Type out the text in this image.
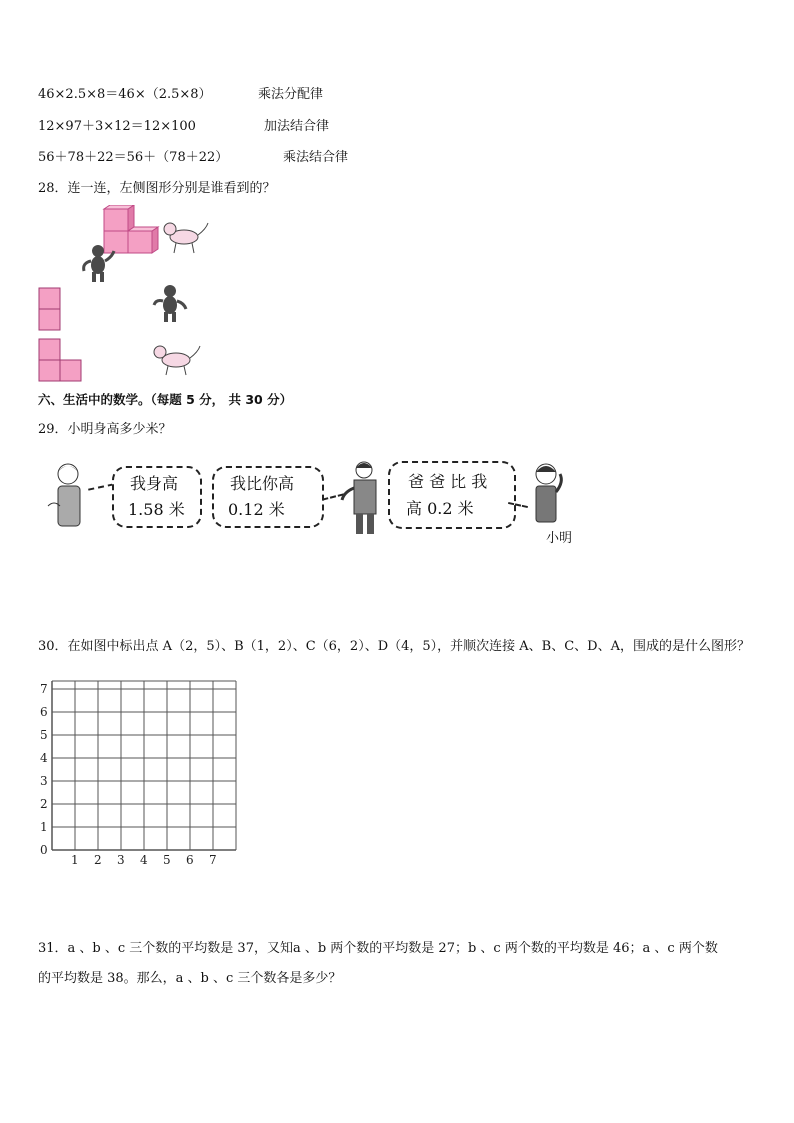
46×2.5×8＝46×（2.5×8）	乘法分配律
12×97＋3×12＝12×100	加法结合律
56＋78＋22＝56＋（78＋22）	乘法结合律
28．连一连，左侧图形分别是谁看到的？
六、生活中的数学。（每题 5 分， 共 30 分）
29．小明身高多少米？
我身高
1.58 米
我比你高
0.12 米
爸 爸 比 我
高 0.2 米
小明
30．在如图中标出点 A（2，5）、B（1，2）、C（6，2）、D（4，5），并顺次连接 A、B、C、D、A，围成的是什么图形？
0
1 2 3 4 5 6 7
1
2
3
4
5
6
7
31．a 、b 、c 三个数的平均数是 37，又知a 、b 两个数的平均数是 27；b 、c 两个数的平均数是 46；a 、c 两个数
的平均数是 38。那么，a 、b 、c 三个数各是多少？
